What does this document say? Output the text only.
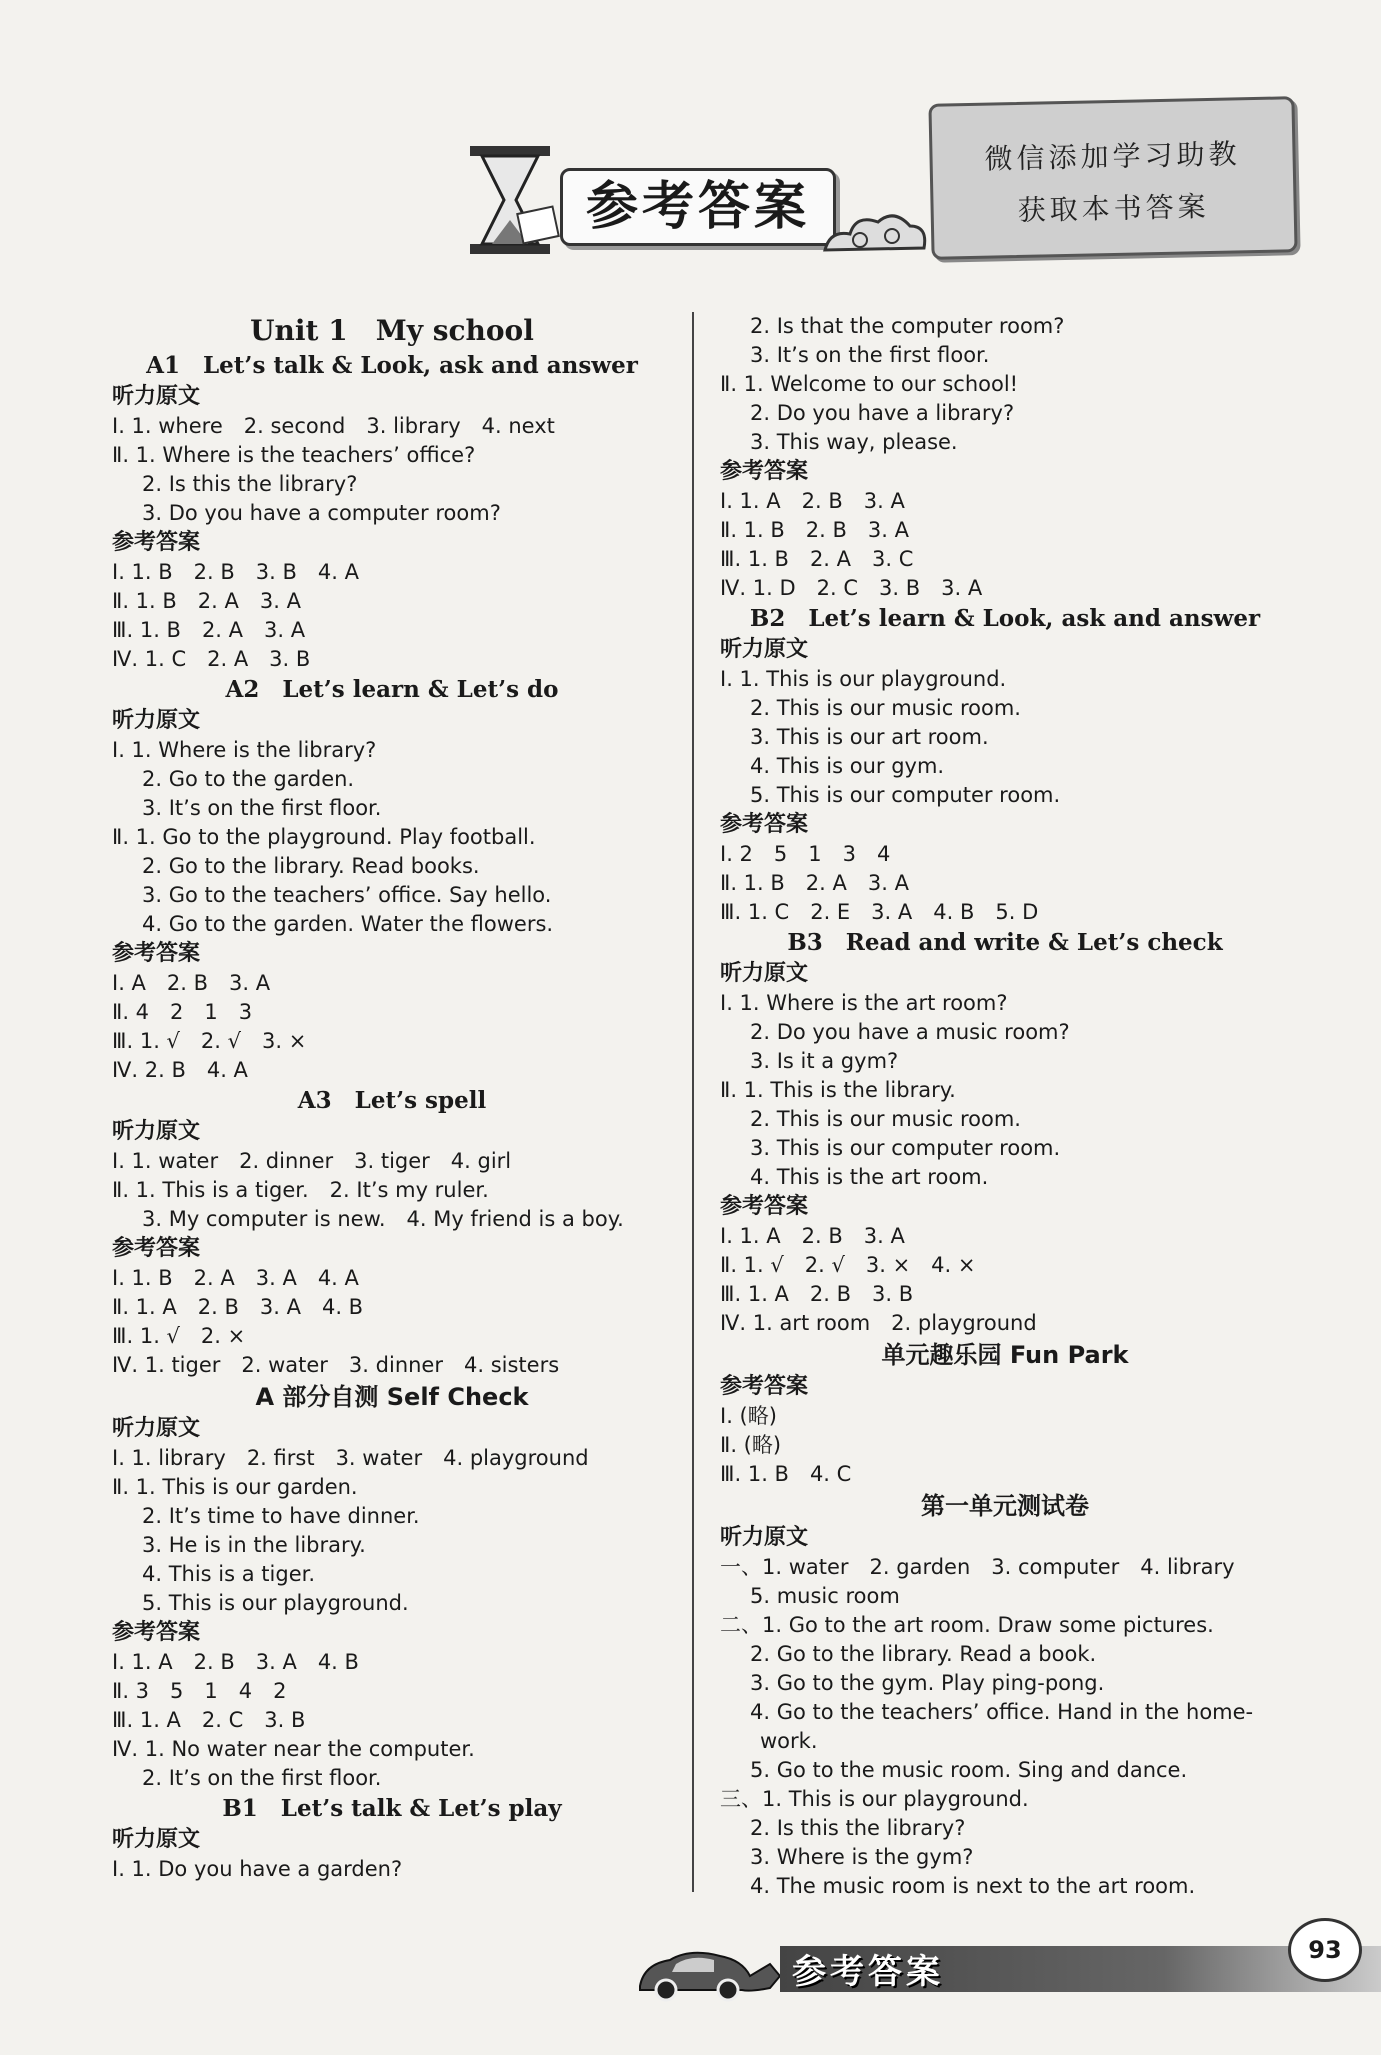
参考答案
微信添加学习助教
获取本书答案
Unit 1　My school
A1　Let’s talk & Look, ask and answer
听力原文
Ⅰ. 1. where　2. second　3. library　4. next
Ⅱ. 1. Where is the teachers’ office?
2. Is this the library?
3. Do you have a computer room?
参考答案
Ⅰ. 1. B　2. B　3. B　4. A
Ⅱ. 1. B　2. A　3. A
Ⅲ. 1. B　2. A　3. A
Ⅳ. 1. C　2. A　3. B
A2　Let’s learn & Let’s do
听力原文
Ⅰ. 1. Where is the library?
2. Go to the garden.
3. It’s on the first floor.
Ⅱ. 1. Go to the playground. Play football.
2. Go to the library. Read books.
3. Go to the teachers’ office. Say hello.
4. Go to the garden. Water the flowers.
参考答案
Ⅰ. A　2. B　3. A
Ⅱ. 4　2　1　3
Ⅲ. 1. √　2. √　3. ×
Ⅳ. 2. B　4. A
A3　Let’s spell
听力原文
Ⅰ. 1. water　2. dinner　3. tiger　4. girl
Ⅱ. 1. This is a tiger.　2. It’s my ruler.
3. My computer is new.　4. My friend is a boy.
参考答案
Ⅰ. 1. B　2. A　3. A　4. A
Ⅱ. 1. A　2. B　3. A　4. B
Ⅲ. 1. √　2. ×
Ⅳ. 1. tiger　2. water　3. dinner　4. sisters
A 部分自测 Self Check
听力原文
Ⅰ. 1. library　2. first　3. water　4. playground
Ⅱ. 1. This is our garden.
2. It’s time to have dinner.
3. He is in the library.
4. This is a tiger.
5. This is our playground.
参考答案
Ⅰ. 1. A　2. B　3. A　4. B
Ⅱ. 3　5　1　4　2
Ⅲ. 1. A　2. C　3. B
Ⅳ. 1. No water near the computer.
2. It’s on the first floor.
B1　Let’s talk & Let’s play
听力原文
Ⅰ. 1. Do you have a garden?
2. Is that the computer room?
3. It’s on the first floor.
Ⅱ. 1. Welcome to our school!
2. Do you have a library?
3. This way, please.
参考答案
Ⅰ. 1. A　2. B　3. A
Ⅱ. 1. B　2. B　3. A
Ⅲ. 1. B　2. A　3. C
Ⅳ. 1. D　2. C　3. B　3. A
B2　Let’s learn & Look, ask and answer
听力原文
Ⅰ. 1. This is our playground.
2. This is our music room.
3. This is our art room.
4. This is our gym.
5. This is our computer room.
参考答案
Ⅰ. 2　5　1　3　4
Ⅱ. 1. B　2. A　3. A
Ⅲ. 1. C　2. E　3. A　4. B　5. D
B3　Read and write & Let’s check
听力原文
Ⅰ. 1. Where is the art room?
2. Do you have a music room?
3. Is it a gym?
Ⅱ. 1. This is the library.
2. This is our music room.
3. This is our computer room.
4. This is the art room.
参考答案
Ⅰ. 1. A　2. B　3. A
Ⅱ. 1. √　2. √　3. ×　4. ×
Ⅲ. 1. A　2. B　3. B
Ⅳ. 1. art room　2. playground
单元趣乐园 Fun Park
参考答案
Ⅰ. (略)
Ⅱ. (略)
Ⅲ. 1. B　4. C
第一单元测试卷
听力原文
一、1. water　2. garden　3. computer　4. library
5. music room
二、1. Go to the art room. Draw some pictures.
2. Go to the library. Read a book.
3. Go to the gym. Play ping-pong.
4. Go to the teachers’ office. Hand in the home-
work.
5. Go to the music room. Sing and dance.
三、1. This is our playground.
2. Is this the library?
3. Where is the gym?
4. The music room is next to the art room.
参考答案
93
